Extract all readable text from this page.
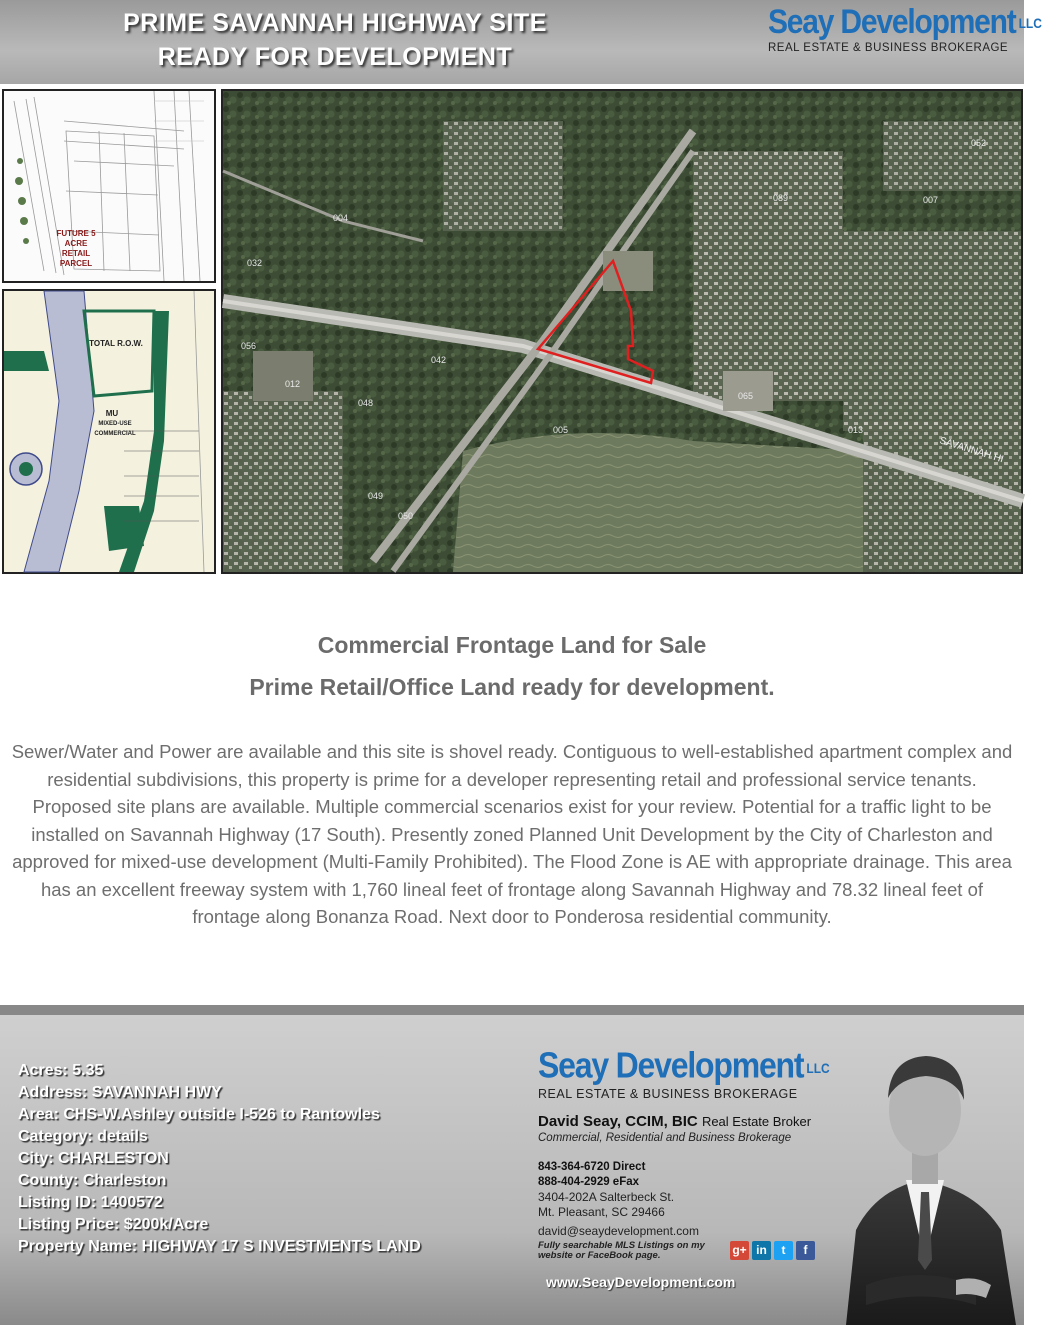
PRIME SAVANNAH HIGHWAY SITE
READY FOR DEVELOPMENT
Seay Development LLC
REAL ESTATE & BUSINESS BROKERAGE
FUTURE 5 ACRE RETAIL PARCEL
TOTAL R.O.W.
MU
MIXED-USE COMMERCIAL
004
032
056
012
048
049
050
042
005
065
013
007
052
089
SAVANNAH HI
Commercial Frontage Land for Sale
Prime Retail/Office Land ready for development.
Sewer/Water and Power are available and this site is shovel ready. Contiguous to well-established apartment complex and residential subdivisions, this property is prime for a developer representing retail and professional service tenants. Proposed site plans are available. Multiple commercial scenarios exist for your review. Potential for a traffic light to be installed on Savannah Highway (17 South). Presently zoned Planned Unit Development by the City of Charleston and approved for mixed-use development (Multi-Family Prohibited). The Flood Zone is AE with appropriate drainage. This area has an excellent freeway system with 1,760 lineal feet of frontage along Savannah Highway and 78.32 lineal feet of frontage along Bonanza Road. Next door to Ponderosa residential community.
Acres: 5.35
Address: SAVANNAH HWY
Area: CHS-W.Ashley outside I-526 to Rantowles
Category: details
City: CHARLESTON
County: Charleston
Listing ID: 1400572
Listing Price: $200k/Acre
Property Name: HIGHWAY 17 S INVESTMENTS LAND
Seay Development LLC
REAL ESTATE & BUSINESS BROKERAGE
David Seay, CCIM, BIC Real Estate Broker
Commercial, Residential and Business Brokerage
843-364-6720 Direct
888-404-2929 eFax
3404-202A Salterbeck St.
Mt. Pleasant, SC 29466
david@seaydevelopment.com
Fully searchable MLS Listings on my website or FaceBook page.	g+ in	t	f
www.SeayDevelopment.com
